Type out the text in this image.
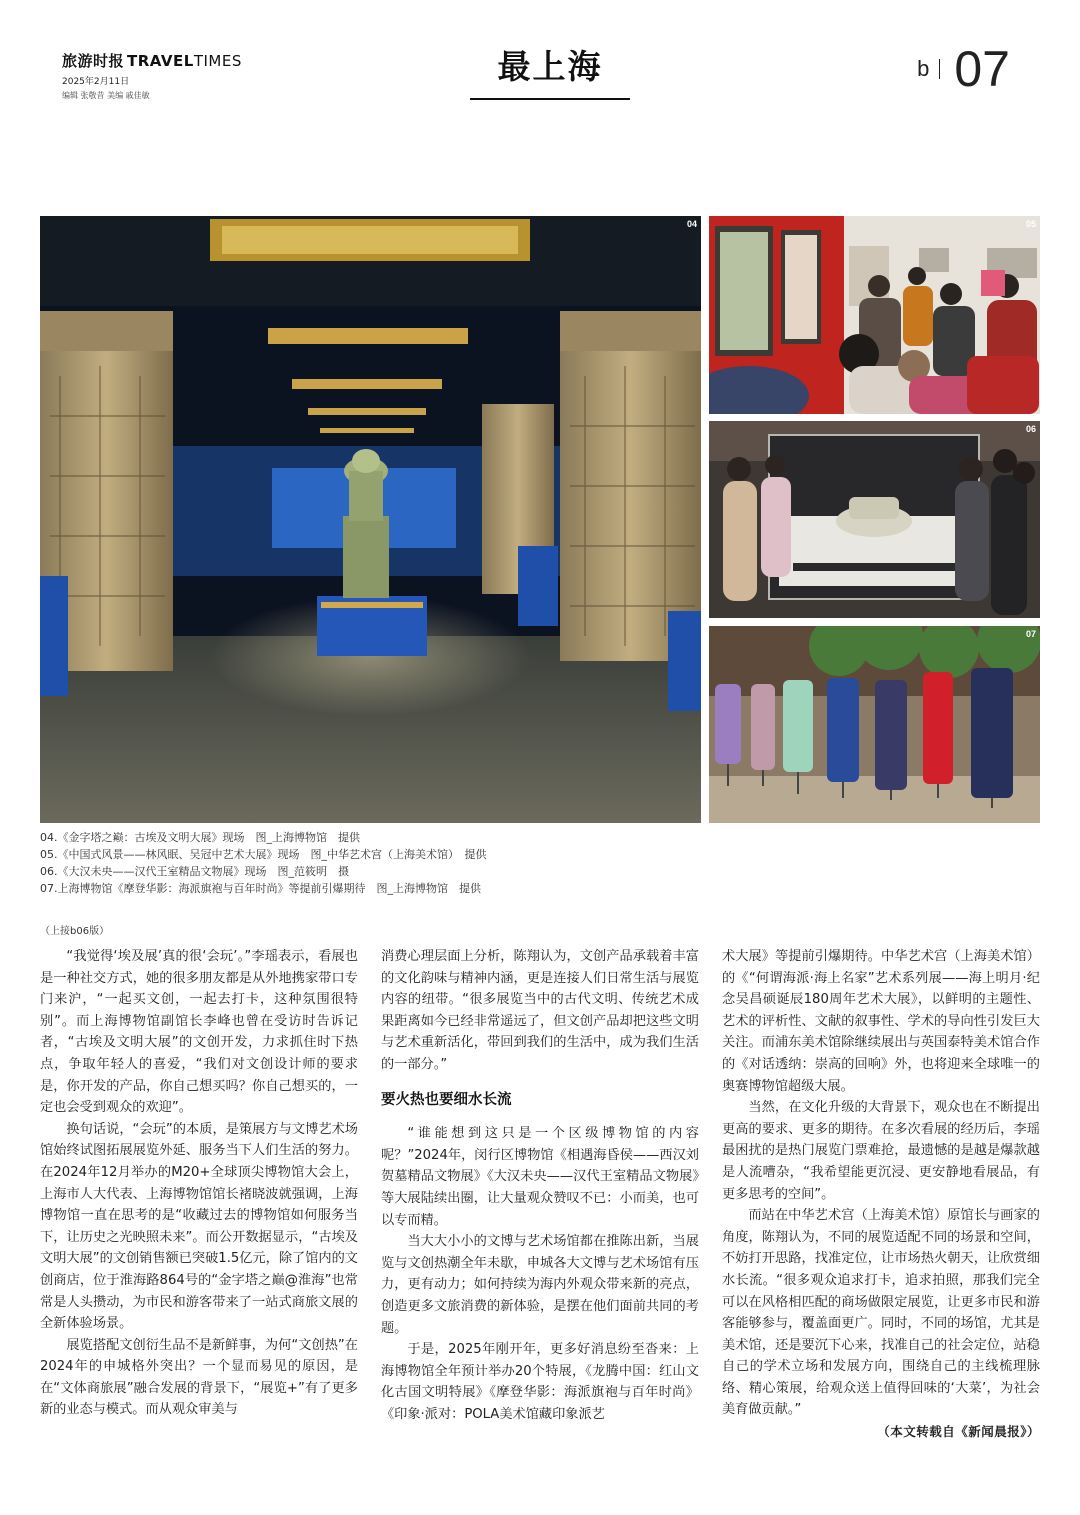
旅游时报 TRAVELTIMES
2025年2月11日
编辑 张敬昔 美编 戚佳敏
最上海	b 07
04	05
06
07
04.《金字塔之巅：古埃及文明大展》现场　图_上海博物馆　提供
05.《中国式风景——林风眠、吴冠中艺术大展》现场　图_中华艺术宫（上海美术馆）　提供
06.《大汉未央——汉代王室精品文物展》现场　图_范筱明　摄
07.上海博物馆《摩登华影：海派旗袍与百年时尚》等提前引爆期待　图_上海博物馆　提供
（上接b06版）

“我觉得‘埃及展’真的很‘会玩’。”李瑶表示，看展也是一种社交方式，她的很多朋友都是从外地携家带口专门来沪，“一起买文创，一起去打卡，这种氛围很特别”。而上海博物馆副馆长李峰也曾在受访时告诉记者，“古埃及文明大展”的文创开发，力求抓住时下热点，争取年轻人的喜爱，“我们对文创设计师的要求是，你开发的产品，你自己想买吗？你自己想买的，一定也会受到观众的欢迎”。

换句话说，“会玩”的本质，是策展方与文博艺术场馆始终试图拓展展览外延、服务当下人们生活的努力。在2024年12月举办的M20+全球顶尖博物馆大会上，上海市人大代表、上海博物馆馆长褚晓波就强调，上海博物馆一直在思考的是“收藏过去的博物馆如何服务当下，让历史之光映照未来”。而公开数据显示，“古埃及文明大展”的文创销售额已突破1.5亿元，除了馆内的文创商店，位于淮海路864号的“金字塔之巅@淮海”也常常是人头攒动，为市民和游客带来了一站式商旅文展的全新体验场景。

展览搭配文创衍生品不是新鲜事，为何“文创热”在2024年的申城格外突出？一个显而易见的原因，是在“文体商旅展”融合发展的背景下，“展览+”有了更多新的业态与模式。而从观众审美与

消费心理层面上分析，陈翔认为，文创产品承载着丰富的文化韵味与精神内涵，更是连接人们日常生活与展览内容的纽带。“很多展览当中的古代文明、传统艺术成果距离如今已经非常遥远了，但文创产品却把这些文明与艺术重新活化，带回到我们的生活中，成为我们生活的一部分。”
要火热也要细水长流

“谁能想到这只是一个区级博物馆的内容呢？”2024年，闵行区博物馆《相遇海昏侯——西汉刘贺墓精品文物展》《大汉未央——汉代王室精品文物展》等大展陆续出圈，让大量观众赞叹不已：小而美，也可以专而精。

当大大小小的文博与艺术场馆都在推陈出新，当展览与文创热潮全年未歇，申城各大文博与艺术场馆有压力，更有动力；如何持续为海内外观众带来新的亮点，创造更多文旅消费的新体验，是摆在他们面前共同的考题。

于是，2025年刚开年，更多好消息纷至沓来：上海博物馆全年预计举办20个特展，《龙腾中国：红山文化古国文明特展》《摩登华影：海派旗袍与百年时尚》《印象·派对：POLA美术馆藏印象派艺

术大展》等提前引爆期待。中华艺术宫（上海美术馆）的《“何谓海派·海上名家”艺术系列展——海上明月·纪念吴昌硕诞辰180周年艺术大展》，以鲜明的主题性、艺术的评析性、文献的叙事性、学术的导向性引发巨大关注。而浦东美术馆除继续展出与英国泰特美术馆合作的《对话透纳：崇高的回响》外，也将迎来全球唯一的奥赛博物馆超级大展。

当然，在文化升级的大背景下，观众也在不断提出更高的要求、更多的期待。在多次看展的经历后，李瑶最困扰的是热门展览门票难抢，最遗憾的是越是爆款越是人流嘈杂，“我希望能更沉浸、更安静地看展品，有更多思考的空间”。

而站在中华艺术宫（上海美术馆）原馆长与画家的角度，陈翔认为，不同的展览适配不同的场景和空间，不妨打开思路，找准定位，让市场热火朝天，让欣赏细水长流。“很多观众追求打卡，追求拍照，那我们完全可以在风格相匹配的商场做限定展览，让更多市民和游客能够参与，覆盖面更广。同时，不同的场馆，尤其是美术馆，还是要沉下心来，找准自己的社会定位，站稳自己的学术立场和发展方向，围绕自己的主线梳理脉络、精心策展，给观众送上值得回味的‘大菜’，为社会美育做贡献。”

（本文转载自《新闻晨报》）
